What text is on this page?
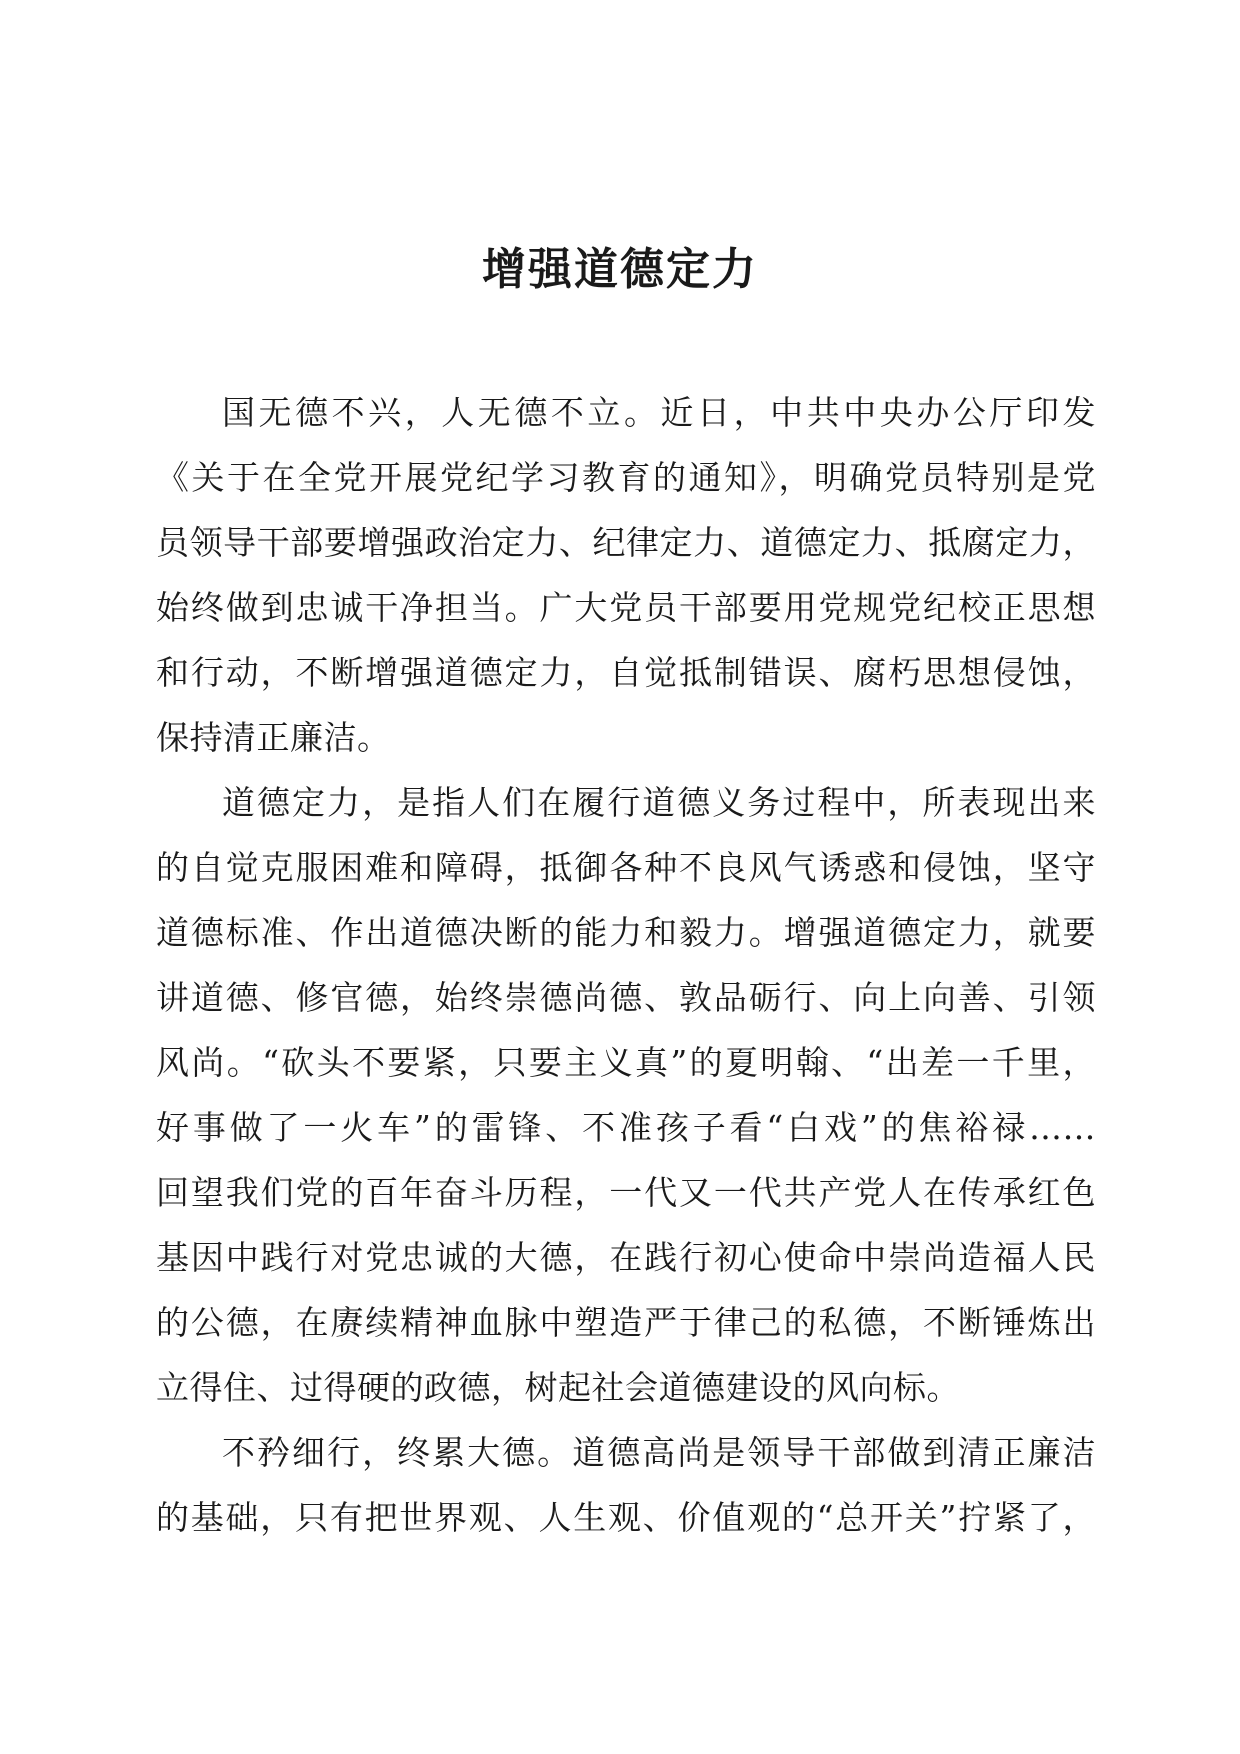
增强道德定力
国无德不兴，人无德不立。近日，中共中央办公厅印发
《关于在全党开展党纪学习教育的通知》，明确党员特别是党
员领导干部要增强政治定力、纪律定力、道德定力、抵腐定力，
始终做到忠诚干净担当。广大党员干部要用党规党纪校正思想
和行动，不断增强道德定力，自觉抵制错误、腐朽思想侵蚀，
保持清正廉洁。
道德定力，是指人们在履行道德义务过程中，所表现出来
的自觉克服困难和障碍，抵御各种不良风气诱惑和侵蚀，坚守
道德标准、作出道德决断的能力和毅力。增强道德定力，就要
讲道德、修官德，始终崇德尚德、敦品砺行、向上向善、引领
风尚。“砍头不要紧，只要主义真”的夏明翰、“出差一千里，
好事做了一火车”的雷锋、不准孩子看“白戏”的焦裕禄……
回望我们党的百年奋斗历程，一代又一代共产党人在传承红色
基因中践行对党忠诚的大德，在践行初心使命中崇尚造福人民
的公德，在赓续精神血脉中塑造严于律己的私德，不断锤炼出
立得住、过得硬的政德，树起社会道德建设的风向标。
不矜细行，终累大德。道德高尚是领导干部做到清正廉洁
的基础，只有把世界观、人生观、价值观的“总开关”拧紧了，
